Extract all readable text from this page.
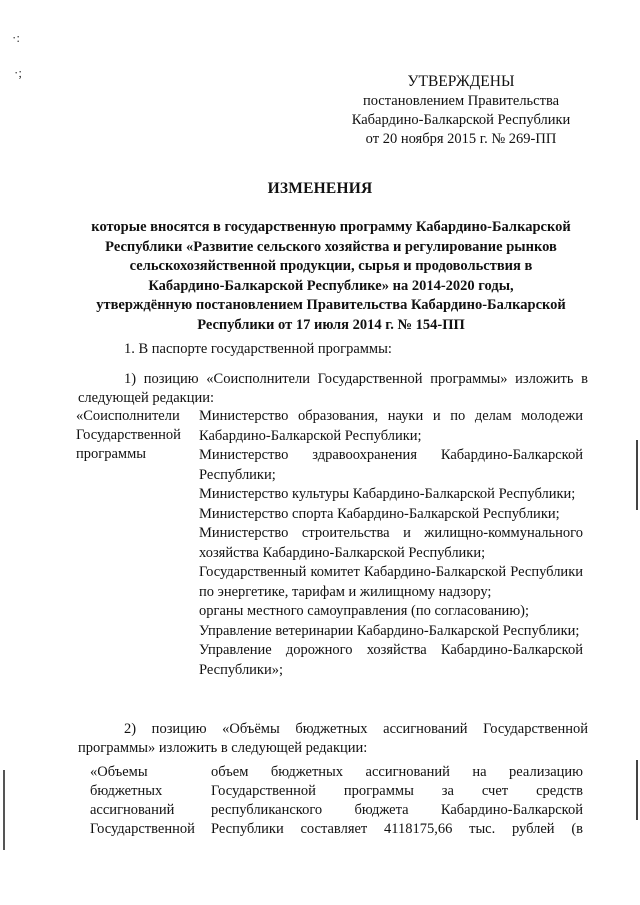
·:
·;
УТВЕРЖДЕНЫ
постановлением Правительства
Кабардино-Балкарской Республики
от 20 ноября 2015 г. № 269-ПП
ИЗМЕНЕНИЯ
которые вносятся в государственную программу Кабардино-Балкарской
Республики «Развитие сельского хозяйства и регулирование рынков
сельскохозяйственной продукции, сырья и продовольствия в
Кабардино-Балкарской Республике» на 2014-2020 годы,
утверждённую постановлением Правительства Кабардино-Балкарской
Республики от 17 июля 2014 г. № 154-ПП
1. В паспорте государственной программы:
1) позицию «Соисполнители Государственной программы» изложить в следующей редакции:
«Соисполнители
Государственной
программы

Министерство образования, науки и по делам молодежи Кабардино-Балкарской Республики;

Министерство здравоохранения Кабардино-Балкарской Республики;

Министерство культуры Кабардино-Балкарской Республики;

Министерство спорта Кабардино-Балкарской Республики;

Министерство строительства и жилищно-коммунального хозяйства Кабардино-Балкарской Республики;

Государственный комитет Кабардино-Балкарской Республики по энергетике, тарифам и жилищному надзору;

органы местного самоуправления (по согласованию);

Управление ветеринарии Кабардино-Балкарской Республики;

Управление дорожного хозяйства Кабардино-Балкарской Республики»;

2) позицию «Объёмы бюджетных ассигнований Государственной программы» изложить в следующей редакции:
«Объемы
бюджетных
ассигнований
Государственной
объем бюджетных ассигнований на реализацию
Государственной программы за счет средств
республиканского бюджета Кабардино-Балкарской
Республики составляет 4118175,66 тыс. рублей (в
